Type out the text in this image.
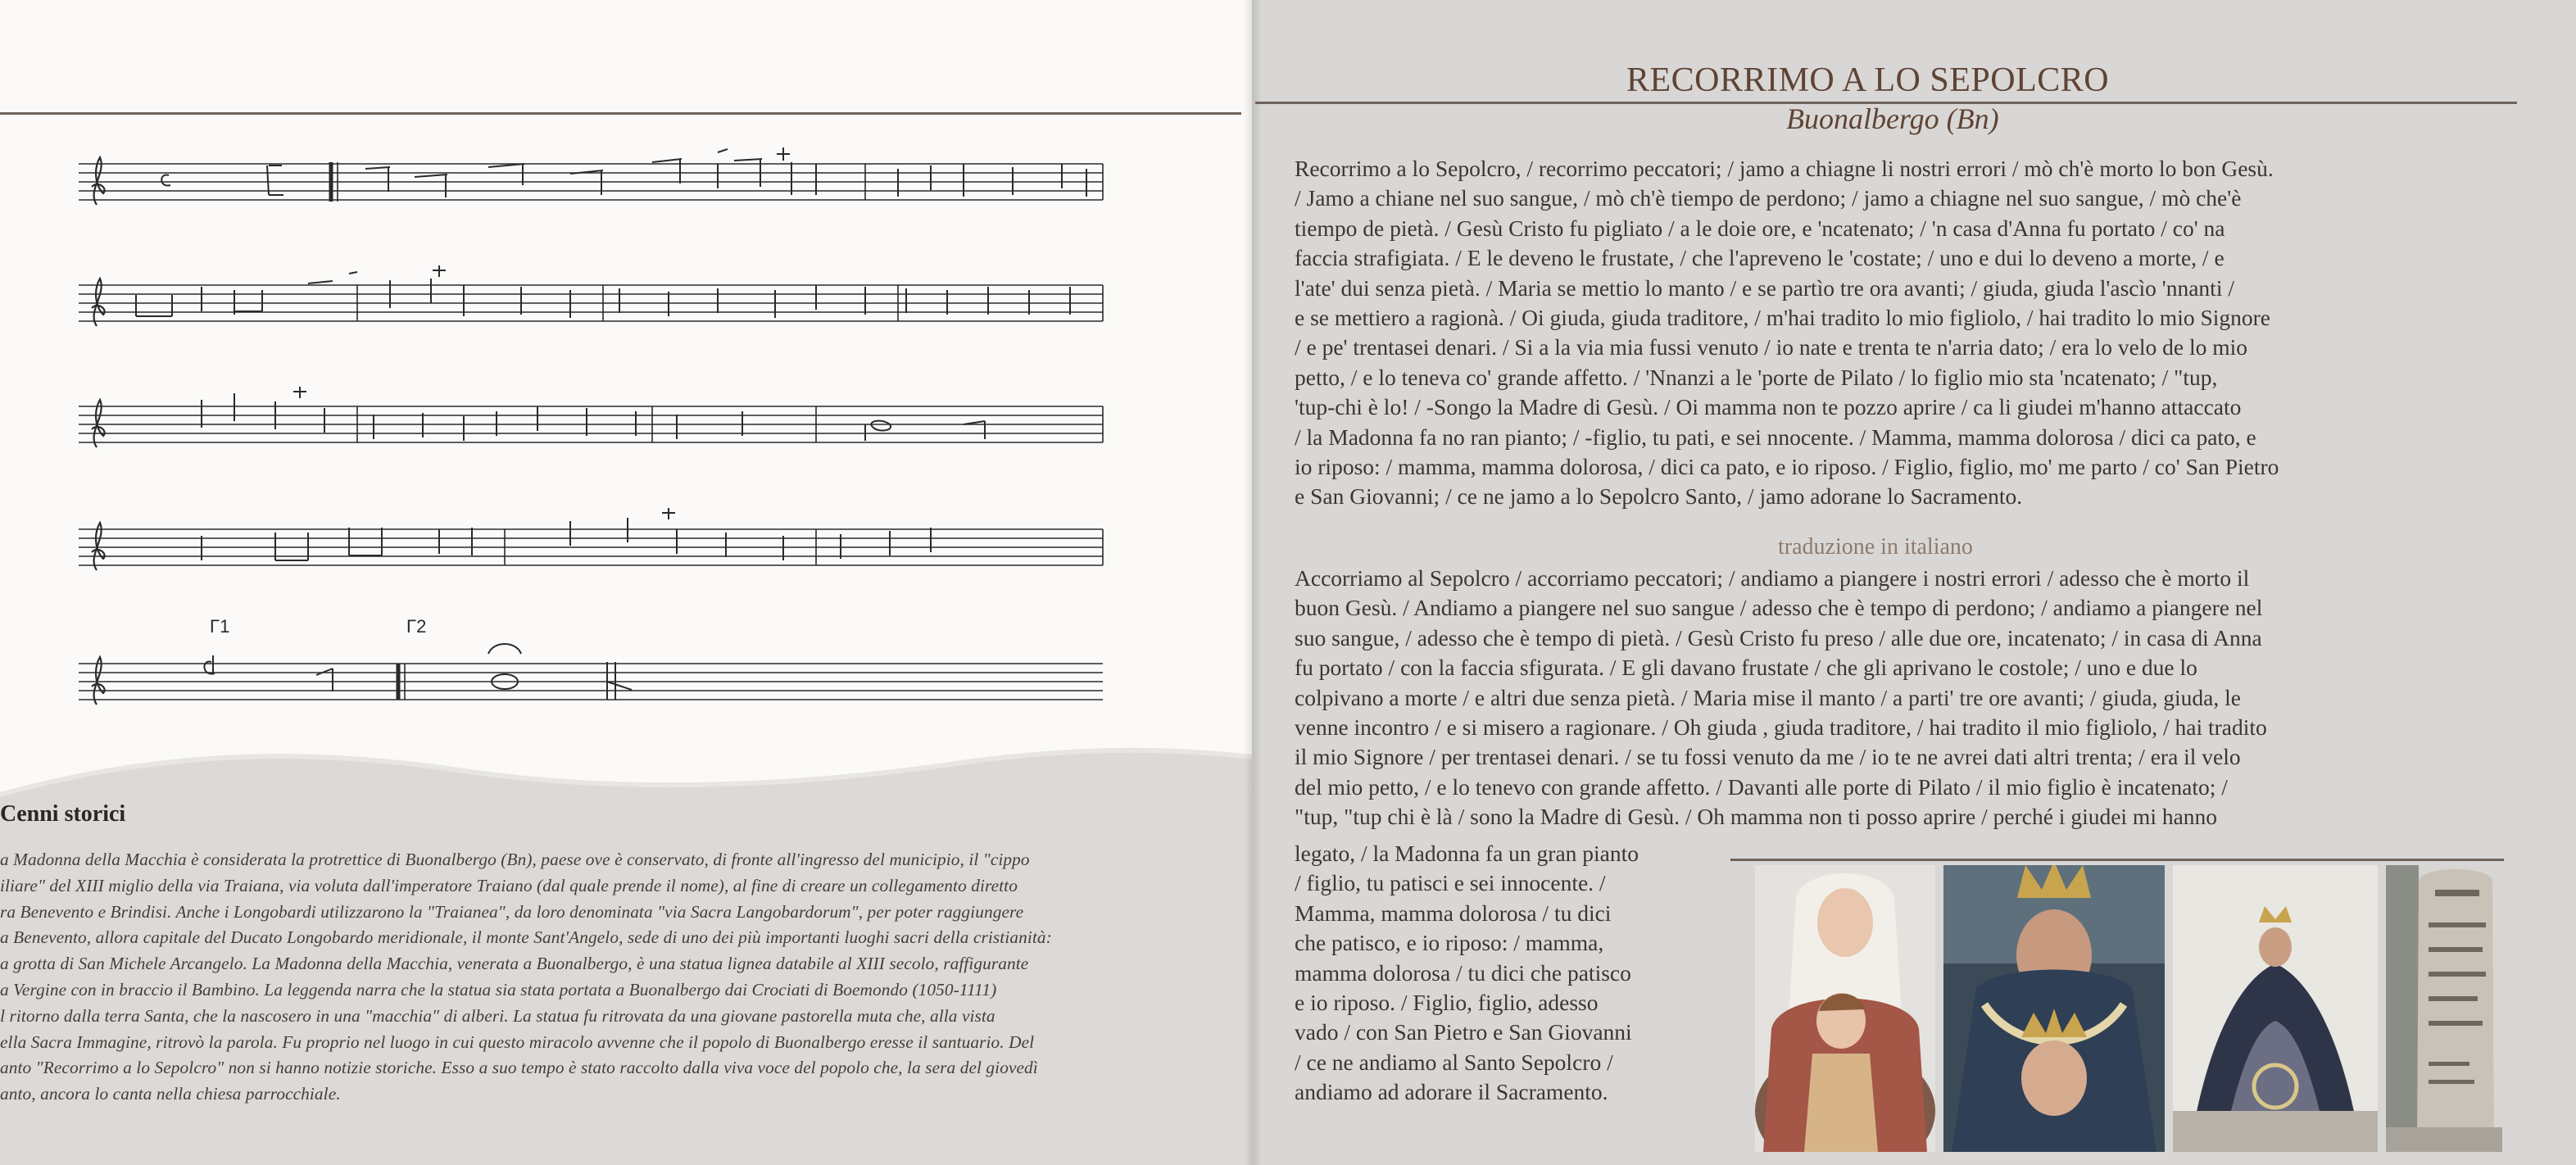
Γ1	Γ2
Cenni storici
a Madonna della Macchia è considerata la protrettice di Buonalbergo (Bn), paese ove è conservato, di fronte all'ingresso del municipio, il "cippo
iliare" del XIII miglio della via Traiana, via voluta dall'imperatore Traiano (dal quale prende il nome), al fine di creare un collegamento diretto
ra Benevento e Brindisi. Anche i Longobardi utilizzarono la "Traianea", da loro denominata "via Sacra Langobardorum", per poter raggiungere
a Benevento, allora capitale del Ducato Longobardo meridionale, il monte Sant'Angelo, sede di uno dei più importanti luoghi sacri della cristianità:
a grotta di San Michele Arcangelo. La Madonna della Macchia, venerata a Buonalbergo, è una statua lignea databile al XIII secolo, raffigurante
a Vergine con in braccio il Bambino. La leggenda narra che la statua sia stata portata a Buonalbergo dai Crociati di Boemondo (1050-1111)
l ritorno dalla terra Santa, che la nascosero in una "macchia" di alberi. La statua fu ritrovata da una giovane pastorella muta che, alla vista
ella Sacra Immagine, ritrovò la parola. Fu proprio nel luogo in cui questo miracolo avvenne che il popolo di Buonalbergo eresse il santuario. Del
anto "Recorrimo a lo Sepolcro" non si hanno notizie storiche. Esso a suo tempo è stato raccolto dalla viva voce del popolo che, la sera del giovedì
anto, ancora lo canta nella chiesa parrocchiale.
RECORRIMO A LO SEPOLCRO
Buonalbergo (Bn)
Recorrimo a lo Sepolcro, / recorrimo peccatori; / jamo a chiagne li nostri errori / mò ch'è morto lo bon Gesù.
/ Jamo a chiane nel suo sangue, / mò ch'è tiempo de perdono; / jamo a chiagne nel suo sangue, / mò che'è
tiempo de pietà. / Gesù Cristo fu pigliato / a le doie ore, e 'ncatenato; / 'n casa d'Anna fu portato / co' na
faccia strafigiata. / E le deveno le frustate, / che l'apreveno le 'costate; / uno e dui lo deveno a morte, / e
l'ate' dui senza pietà. / Maria se mettio lo manto / e se partìo tre ora avanti; / giuda, giuda l'ascìo 'nnanti /
e se mettiero a ragionà. / Oi giuda, giuda traditore, / m'hai tradito lo mio figliolo, / hai tradito lo mio Signore
/ e pe' trentasei denari. / Si a la via mia fussi venuto / io nate e trenta te n'arria dato; / era lo velo de lo mio
petto, / e lo teneva co' grande affetto. / 'Nnanzi a le 'porte de Pilato / lo figlio mio sta 'ncatenato; / "tup,
'tup-chi è lo! / -Songo la Madre di Gesù. / Oi mamma non te pozzo aprire / ca li giudei m'hanno attaccato
/ la Madonna fa no ran pianto; / -figlio, tu pati, e sei nnocente. / Mamma, mamma dolorosa / dici ca pato, e
io riposo: / mamma, mamma dolorosa, / dici ca pato, e io riposo. / Figlio, figlio, mo' me parto / co' San Pietro
e San Giovanni; / ce ne jamo a lo Sepolcro Santo, / jamo adorane lo Sacramento.
traduzione in italiano
Accorriamo al Sepolcro / accorriamo peccatori; / andiamo a piangere i nostri errori / adesso che è morto il
buon Gesù. / Andiamo a piangere nel suo sangue / adesso che è tempo di perdono; / andiamo a piangere nel
suo sangue, / adesso che è tempo di pietà. / Gesù Cristo fu preso / alle due ore, incatenato; / in casa di Anna
fu portato / con la faccia sfigurata. / E gli davano frustate / che gli aprivano le costole; / uno e due lo
colpivano a morte / e altri due senza pietà. / Maria mise il manto / a parti' tre ore avanti; / giuda, giuda, le
venne incontro / e si misero a ragionare. / Oh giuda , giuda traditore, / hai tradito il mio figliolo, / hai tradito
il mio Signore / per trentasei denari. / se tu fossi venuto da me / io te ne avrei dati altri trenta; / era il velo
del mio petto, / e lo tenevo con grande affetto. / Davanti alle porte di Pilato / il mio figlio è incatenato; /
"tup, "tup chi è là / sono la Madre di Gesù. / Oh mamma non ti posso aprire / perché i giudei mi hanno
legato, / la Madonna fa un gran pianto
/ figlio, tu patisci e sei innocente. /
Mamma, mamma dolorosa / tu dici
che patisco, e io riposo: / mamma,
mamma dolorosa / tu dici che patisco
e io riposo. / Figlio, figlio, adesso
vado / con San Pietro e San Giovanni
/ ce ne andiamo al Santo Sepolcro /
andiamo ad adorare il Sacramento.
